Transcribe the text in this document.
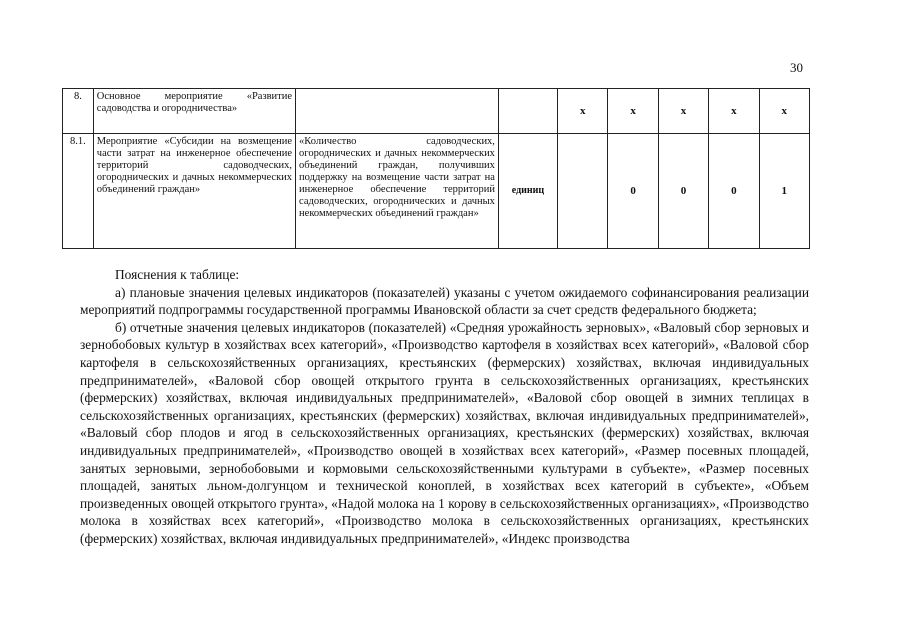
30
8.	Основное мероприятие «Развитие садоводства и огородничества»			х	х	х	х	х
8.1.	Мероприятие «Субсидии на возмещение части затрат на инженерное обеспечение территорий садоводческих, огороднических и дачных некоммерческих объединений граждан»	«Количество садоводческих, огороднических и дачных некоммерческих объединений граждан, получивших поддержку на возмещение части затрат на инженерное обеспечение территорий садоводческих, огороднических и дачных некоммерческих объединений граждан»	единиц		0	0	0	1

Пояснения к таблице:

а) плановые значения целевых индикаторов (показателей) указаны с учетом ожидаемого софинансирования реализации мероприятий подпрограммы государственной программы Ивановской области за счет средств федерального бюджета;

б) отчетные значения целевых индикаторов (показателей) «Средняя урожайность зерновых», «Валовый сбор зерновых и зернобобовых культур в хозяйствах всех категорий», «Производство картофеля в хозяйствах всех категорий», «Валовой сбор картофеля в сельскохозяйственных организациях, крестьянских (фермерских) хозяйствах, включая индивидуальных предпринимателей», «Валовой сбор овощей открытого грунта в сельскохозяйственных организациях, крестьянских (фермерских) хозяйствах, включая индивидуальных предпринимателей», «Валовой сбор овощей в зимних теплицах в сельскохозяйственных организациях, крестьянских (фермерских) хозяйствах, включая индивидуальных предпринимателей», «Валовый сбор плодов и ягод в сельскохозяйственных организациях, крестьянских (фермерских) хозяйствах, включая индивидуальных предпринимателей», «Производство овощей в хозяйствах всех категорий», «Размер посевных площадей, занятых зерновыми, зернобобовыми и кормовыми сельскохозяйственными культурами в субъекте», «Размер посевных площадей, занятых льном-долгунцом и технической коноплей, в хозяйствах всех категорий в субъекте», «Объем произведенных овощей открытого грунта», «Надой молока на 1 корову в сельскохозяйственных организациях», «Производство молока в хозяйствах всех категорий», «Производство молока в сельскохозяйственных организациях, крестьянских (фермерских) хозяйствах, включая индивидуальных предпринимателей», «Индекс производства
